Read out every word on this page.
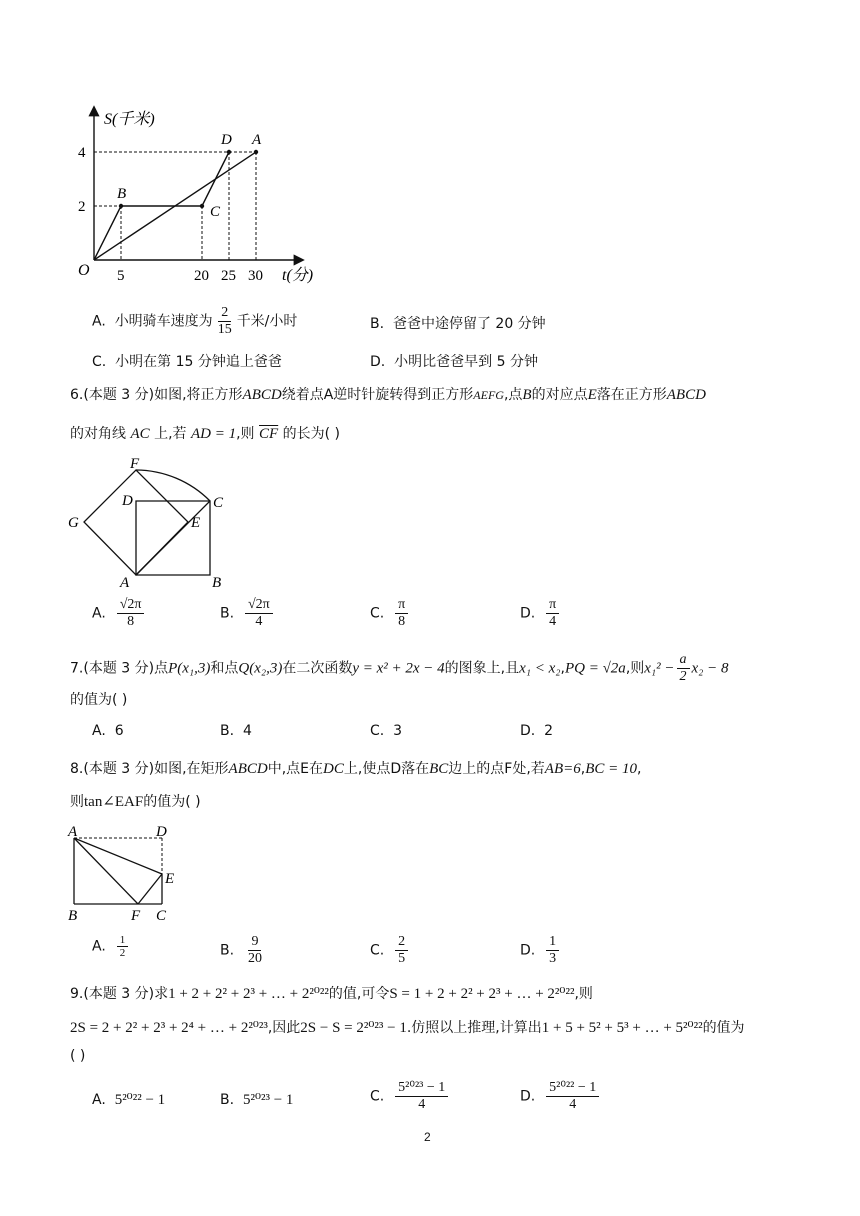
5	20 25 30
2
4
A
B
C
D
S(千米)
t(分)
O
A. 小明骑车速度为 $\frac{2}{15}$ 千米/小时	B. 爸爸中途停留了 20 分钟
C. 小明在第 15 分钟追上爸爸	D. 小明比爸爸早到 5 分钟
6.(本题 3 分)如图,将正方形ABCD绕着点A逆时针旋转得到正方形AEFG,点B的对应点E落在正方形ABCD
的对角线 AC 上,若 AD = 1,则 $\overline{CF}$ 的长为( )
F
D	C
G	E
A	B
A. $\frac{√2\pi}{8}$	B. $\frac{√2\pi}{4}$	C. $\frac{\pi}{8}$	D. $\frac{\pi}{4}$
7.(本题 3 分)点P(x₁,3)和点Q(x₂,3)在二次函数y = x² + 2x − 4的图象上,且x₁ < x₂,PQ = √2a,则$x_1^2 - \frac{a}{2} x_2 - 8$
的值为( )
A. 6	B. 4	C. 3	D. 2
8.(本题 3 分)如图,在矩形ABCD中,点E在DC上,使点D落在BC边上的点F处,若AB=6,BC = 10,
则tan∠EAF的值为( )
A	D
E
B	F C
A. $\frac{1}{2}$	B. $\frac{9}{20}$	C. $\frac{2}{5}$	D. $\frac{1}{3}$
9.(本题 3 分)求1 + 2 + 2² + 2³ + … + 2²⁰²²的值,可令S = 1 + 2 + 2² + 2³ + … + 2²⁰²²,则
2S = 2 + 2² + 2³ + 2⁴ + … + 2²⁰²³,因此2S − S = 2²⁰²³ − 1.仿照以上推理,计算出1 + 5 + 5² + 5³ + … + 5²⁰²²的值为
( )
A. 5²⁰²² − 1	B. 5²⁰²³ − 1	C. $\frac{\text{5²⁰²³ − 1}}{4}$	D. $\frac{\text{5²⁰²² − 1}}{4}$
2
